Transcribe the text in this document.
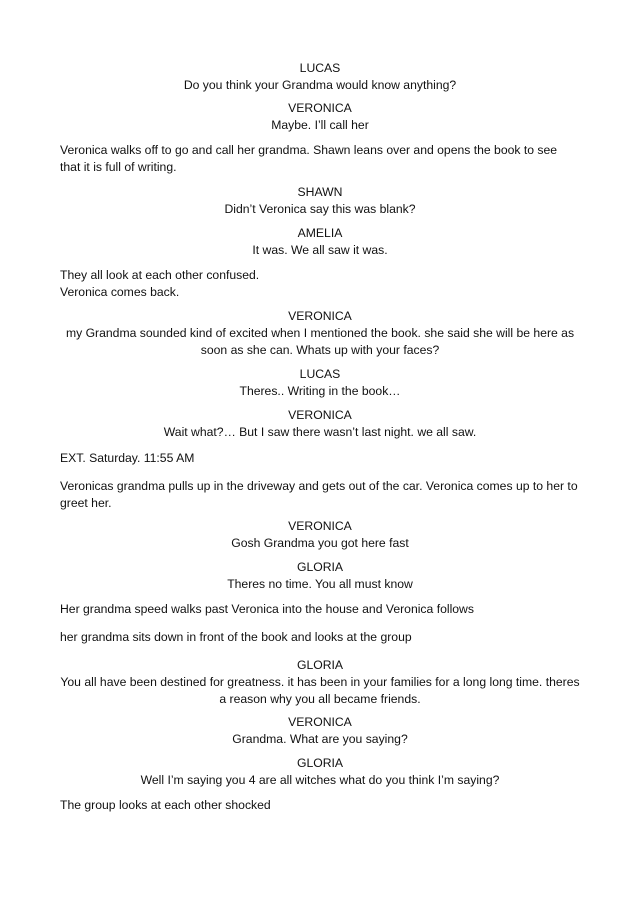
LUCAS

Do you think your Grandma would know anything?

VERONICA

Maybe. I’ll call her

Veronica walks off to go and call her grandma. Shawn leans over and opens the book to see that it is full of writing.

SHAWN

Didn’t Veronica say this was blank?

AMELIA

It was. We all saw it was.

They all look at each other confused.

Veronica comes back.

VERONICA

my Grandma sounded kind of excited when I mentioned the book. she said she will be here as soon as she can. Whats up with your faces?

LUCAS

Theres.. Writing in the book…

VERONICA

Wait what?… But I saw there wasn’t last night. we all saw.

EXT. Saturday. 11:55 AM

Veronicas grandma pulls up in the driveway and gets out of the car. Veronica comes up to her to greet her.

VERONICA

Gosh Grandma you got here fast

GLORIA

Theres no time. You all must know

Her grandma speed walks past Veronica into the house and Veronica follows

her grandma sits down in front of the book and looks at the group

GLORIA

You all have been destined for greatness. it has been in your families for a long long time. theres a reason why you all became friends.

VERONICA

Grandma. What are you saying?

GLORIA

Well I’m saying you 4 are all witches what do you think I’m saying?

The group looks at each other shocked
